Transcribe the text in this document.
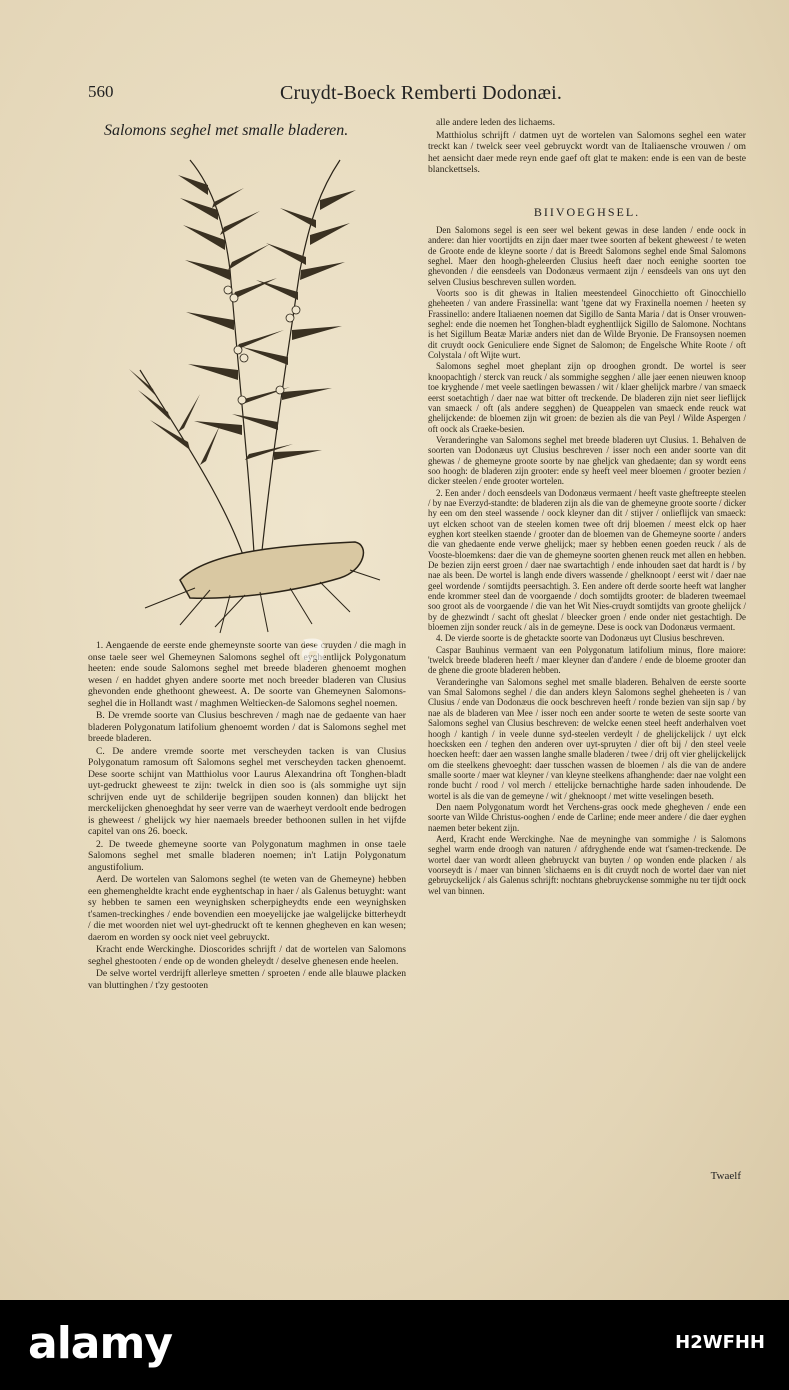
560	Cruydt-Boeck Remberti Dodonæi.
Salomons seghel met smalle bladeren.	alle andere leden des lichaems.

Matthiolus schrijft / datmen uyt de wortelen van Salomons seghel een water treckt kan / twelck seer veel gebruyckt wordt van de Italiaensche vrouwen / om het aensicht daer mede reyn ende gaef oft glat te maken: ende is een van de beste blanckettsels.

BIIVOEGHSEL.

1. Aengaende de eerste ende ghemeynste soorte van dese cruyden / die magh in onse taele seer wel Ghemeynen Salomons seghel oft eyghentlijck Polygonatum heeten: ende soude Salomons seghel met breede bladeren ghenoemt moghen wesen / en haddet ghyen andere soorte met noch breeder bladeren van Clusius ghevonden ende ghethoont gheweest. A. De soorte van Ghemeynen Salomons-seghel die in Hollandt wast / maghmen Weltiecken-de Salomons seghel noemen.

B. De vremde soorte van Clusius beschreven / magh nae de gedaente van haer bladeren Polygonatum latifolium ghenoemt worden / dat is Salomons seghel met breede bladeren.

C. De andere vremde soorte met verscheyden tacken is van Clusius Polygonatum ramosum oft Salomons seghel met verscheyden tacken ghenoemt. Dese soorte schijnt van Matthiolus voor Laurus Alexandrina oft Tonghen-bladt uyt-gedruckt gheweest te zijn: twelck in dien soo is (als sommighe uyt sijn schrijven ende uyt de schilderije begrijpen souden konnen) dan blijckt het merckelijcken ghenoeghdat hy seer verre van de waerheyt verdoolt ende bedrogen is gheweest / ghelijck wy hier naemaels breeder bethoonen sullen in het vijfde capitel van ons 26. boeck.

2. De tweede ghemeyne soorte van Polygonatum maghmen in onse taele Salomons seghel met smalle bladeren noemen; in't Latijn Polygonatum angustifolium.

Aerd. De wortelen van Salomons seghel (te weten van de Ghemeyne) hebben een ghemengheldte kracht ende eyghentschap in haer / als Galenus betuyght: want sy hebben te samen een weynighsken scherpigheydts ende een weynighsken t'samen-treckinghes / ende bovendien een moeyelijcke jae walgelijcke bitterheydt / die met woorden niet wel uyt-ghedruckt oft te kennen ghegheven en kan wesen; daerom en worden sy oock niet veel gebruyckt.

Kracht ende Werckinghe. Dioscorides schrijft / dat de wortelen van Salomons seghel ghestooten / ende op de wonden gheleydt / deselve ghenesen ende heelen.

De selve wortel verdrijft allerleye smetten / sproeten / ende alle blauwe placken van bluttinghen / t'zy gestooten

Den Salomons segel is een seer wel bekent gewas in dese landen / ende oock in andere: dan hier voortijdts en zijn daer maer twee soorten af bekent gheweest / te weten de Groote ende de kleyne soorte / dat is Breedt Salomons seghel ende Smal Salomons seghel. Maer den hoogh-gheleerden Clusius heeft daer noch eenighe soorten toe ghevonden / die eensdeels van Dodonæus vermaent zijn / eensdeels van ons uyt den selven Clusius beschreven sullen worden.

Voorts soo is dit ghewas in Italien meestendeel Ginocchietto oft Ginocchiello gheheeten / van andere Frassinella: want 'tgene dat wy Fraxinella noemen / heeten sy Frassinello: andere Italiaenen noemen dat Sigillo de Santa Maria / dat is Onser vrouwen-seghel: ende die noemen het Tonghen-bladt eyghentlijck Sigillo de Salomone. Nochtans is het Sigillum Beatæ Mariæ anders niet dan de Wilde Bryonie. De Fransoysen noemen dit cruydt oock Geniculiere ende Signet de Salomon; de Engelsche White Roote / oft Colystala / oft Wijte wurt.

Salomons seghel moet gheplant zijn op drooghen grondt. De wortel is seer knoopachtigh / sterck van reuck / als sommighe segghen / alle jaer eenen nieuwen knoop toe kryghende / met veele saetlingen bewassen / wit / klaer ghelijck marbre / van smaeck eerst soetachtigh / daer nae wat bitter oft treckende. De bladeren zijn niet seer lieflijck van smaeck / oft (als andere segghen) de Queappelen van smaeck ende reuck wat ghelijckende: de bloemen zijn wit groen: de bezien als die van Peyl / Wilde Aspergen / oft oock als Craeke-besien.

Veranderinghe van Salomons seghel met breede bladeren uyt Clusius. 1. Behalven de soorten van Dodonæus uyt Clusius beschreven / isser noch een ander soorte van dit ghewas / de ghemeyne groote soorte by nae gheljck van ghedaente; dan sy wordt eens soo hoogh: de bladeren zijn grooter: ende sy heeft veel meer bloemen / grooter bezien / dicker steelen / ende grooter wortelen.

2. Een ander / doch eensdeels van Dodonæus vermaent / heeft vaste gheftreepte steelen / by nae Everzyd-standte: de bladeren zijn als die van de ghemeyne groote soorte / dicker hy een om den steel wassende / oock kleyner dan dit / stijver / onlieflijck van smaeck: uyt elcken schoot van de steelen komen twee oft drij bloemen / meest elck op haer eyghen kort steelken staende / grooter dan de bloemen van de Ghemeyne soorte / anders die van ghedaente ende verwe ghelijck; maer sy hebben eenen goeden reuck / als de Vooste-bloemkens: daer die van de ghemeyne soorten ghenen reuck met allen en hebben. De bezien zijn eerst groen / daer nae swartachtigh / ende inhouden saet dat hardt is / by nae als been. De wortel is langh ende divers wassende / ghelknoopt / eerst wit / daer nae geel wordende / somtijdts peersachtigh. 3. Een andere oft derde soorte heeft wat langher ende krommer steel dan de voorgaende / doch somtijdts grooter: de bladeren tweemael soo groot als de voorgaende / die van het Wit Nies-cruydt somtijdts van groote ghelijck / by de ghezwindt / sacht oft gheslat / bleecker groen / ende onder niet gestachtigh. De bloemen zijn sonder reuck / als in de gemeyne. Dese is oock van Dodonæus vermaent.

4. De vierde soorte is de ghetackte soorte van Dodonæus uyt Clusius beschreven.

Caspar Bauhinus vermaent van een Polygonatum latifolium minus, flore maiore: 'twelck breede bladeren heeft / maer kleyner dan d'andere / ende de bloeme grooter dan de ghene die groote bladeren hebben.

Veranderinghe van Salomons seghel met smalle bladeren. Behalven de eerste soorte van Smal Salomons seghel / die dan anders kleyn Salomons seghel gheheeten is / van Clusius / ende van Dodonæus die oock beschreven heeft / ronde bezien van sijn sap / by nae als de bladeren van Mee / isser noch een ander soorte te weten de seste soorte van Salomons seghel van Clusius beschreven: de welcke eenen steel heeft anderhalven voet hoogh / kantigh / in veele dunne syd-steelen verdeylt / de ghelijckelijck / uyt elck hoecksken een / teghen den anderen over uyt-spruyten / dier oft bij / den steel veele hoecken heeft: daer aen wassen langhe smalle bladeren / twee / drij oft vier ghelijckelijck om die steelkens ghevoeght: daer tusschen wassen de bloemen / als die van de andere smalle soorte / maer wat kleyner / van kleyne steelkens afhanghende: daer nae volght een ronde bucht / rood / vol merch / ettelijcke bernachtighe harde saden inhoudende. De wortel is als die van de gemeyne / wit / gheknoopt / met witte veselingen beseth.

Den naem Polygonatum wordt het Verchens-gras oock mede ghegheven / ende een soorte van Wilde Christus-ooghen / ende de Carline; ende meer andere / die daer eyghen naemen beter bekent zijn.

Aerd, Kracht ende Werckinghe. Nae de meyninghe van sommighe / is Salomons seghel warm ende droogh van naturen / afdryghende ende wat t'samen-treckende. De wortel daer van wordt alleen ghebruyckt van buyten / op wonden ende placken / als voorseydt is / maer van binnen 'slichaems en is dit cruydt noch de wortel daer van niet gebruyckelijck / als Galenus schrijft: nochtans ghebruyckense sommighe nu ter tijdt oock wel van binnen.

Twaelf
a
alamy	H2WFHH
